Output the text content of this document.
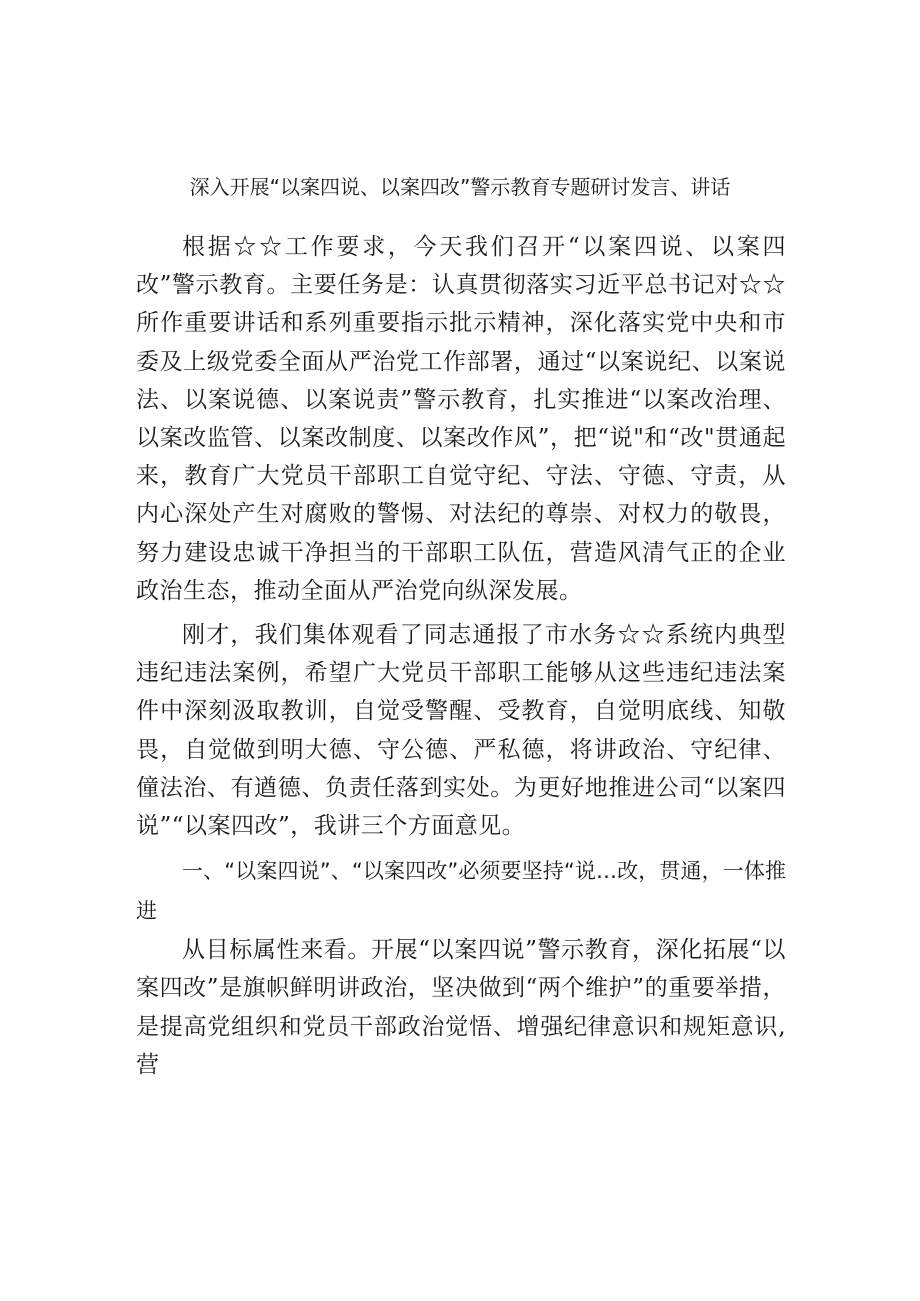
深入开展“以案四说、以案四改”警示教育专题研讨发言、讲话

根据☆☆工作要求，今天我们召开“以案四说、以案四改”警示教育。主要任务是：认真贯彻落实习近平总书记对☆☆所作重要讲话和系列重要指示批示精神，深化落实党中央和市委及上级党委全面从严治党工作部署，通过“以案说纪、以案说法、以案说德、以案说责”警示教育，扎实推进“以案改治理、以案改监管、以案改制度、以案改作风”，把“说"和“改"贯通起来，教育广大党员干部职工自觉守纪、守法、守德、守责，从内心深处产生对腐败的警惕、对法纪的尊崇、对权力的敬畏，努力建设忠诚干净担当的干部职工队伍，营造风清气正的企业政治生态，推动全面从严治党向纵深发展。

刚才，我们集体观看了同志通报了市水务☆☆系统内典型违纪违法案例，希望广大党员干部职工能够从这些违纪违法案件中深刻汲取教训，自觉受警醒、受教育，自觉明底线、知敬畏，自觉做到明大德、守公德、严私德，将讲政治、守纪律、僮法治、有遒德、负责任落到实处。为更好地推进公司“以案四说”“以案四改”，我讲三个方面意见。

一、“以案四说”、“以案四改”必须要坚持“说…改，贯通，一体推进

从目标属性来看。开展“以案四说”警示教育，深化拓展“以案四改”是旗帜鲜明讲政治，坚决做到“两个维护”的重要举措，是提高党组织和党员干部政治觉悟、增强纪律意识和规矩意识,营
